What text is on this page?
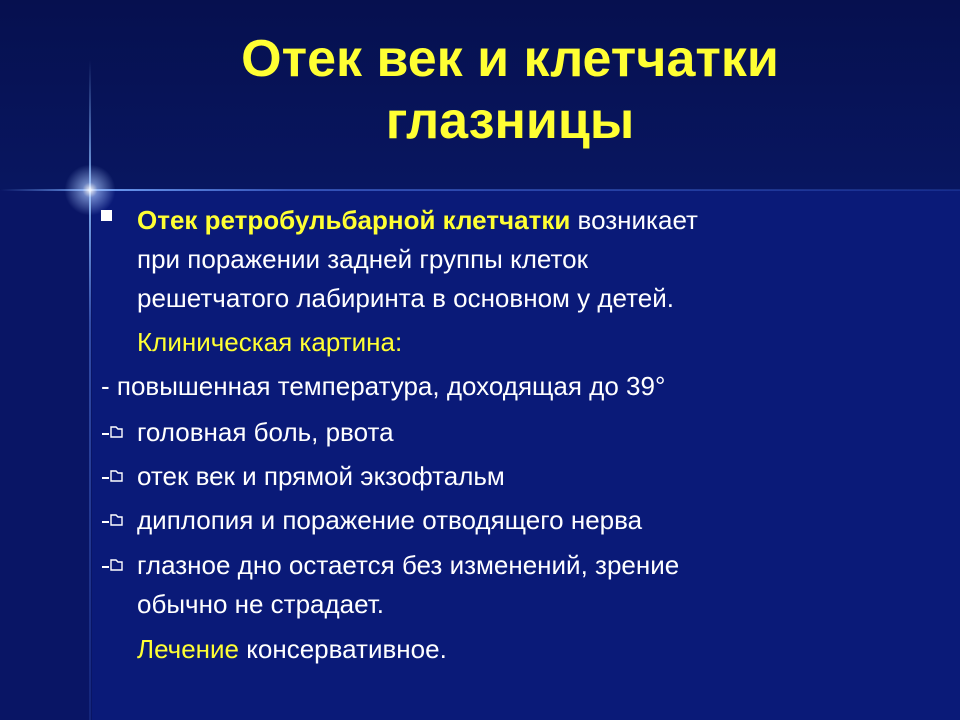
Отек век и клетчатки
глазницы
Отек ретробульбарной клетчатки возникает
при поражении задней группы клеток
решетчатого лабиринта в основном у детей.
Клиническая картина:
- повышенная температура, доходящая до 39°
головная боль, рвота
отек век и прямой экзофтальм
диплопия и поражение отводящего нерва
глазное дно остается без изменений, зрение
обычно не страдает.
Лечение консервативное.
